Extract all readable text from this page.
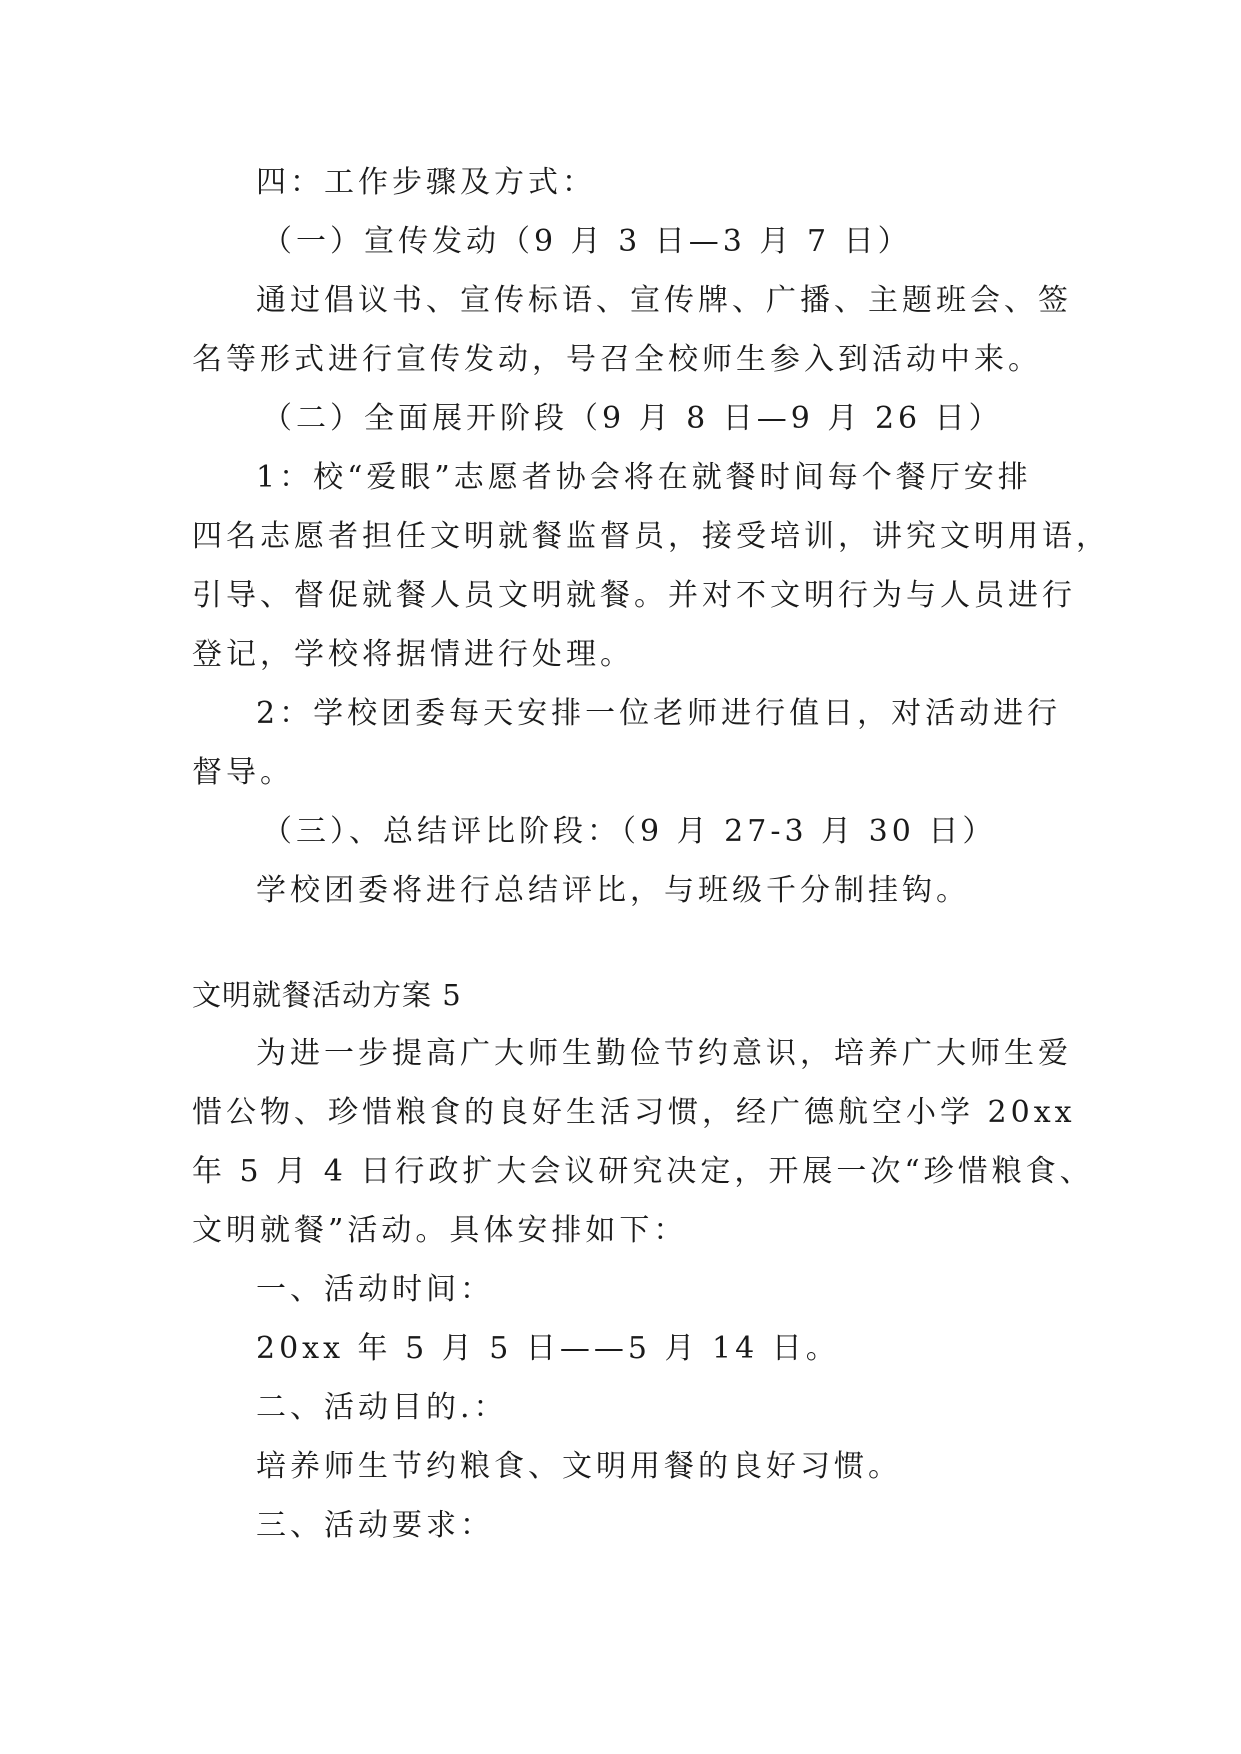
四：工作步骤及方式：
（一）宣传发动（9 月 3 日—3 月 7 日）
通过倡议书、宣传标语、宣传牌、广播、主题班会、签
名等形式进行宣传发动，号召全校师生参入到活动中来。
（二）全面展开阶段（9 月 8 日—9 月 26 日）
1：校“爱眼”志愿者协会将在就餐时间每个餐厅安排
四名志愿者担任文明就餐监督员，接受培训，讲究文明用语，
引导、督促就餐人员文明就餐。并对不文明行为与人员进行
登记，学校将据情进行处理。
2：学校团委每天安排一位老师进行值日，对活动进行
督导。
（三）、总结评比阶段：（9 月 27-3 月 30 日）
学校团委将进行总结评比，与班级千分制挂钩。
文明就餐活动方案 5
为进一步提高广大师生勤俭节约意识，培养广大师生爱
惜公物、珍惜粮食的良好生活习惯，经广德航空小学 20xx
年 5 月 4 日行政扩大会议研究决定，开展一次“珍惜粮食、
文明就餐”活动。具体安排如下：
一、活动时间：
20xx 年 5 月 5 日——5 月 14 日。
二、活动目的.：
培养师生节约粮食、文明用餐的良好习惯。
三、活动要求：
